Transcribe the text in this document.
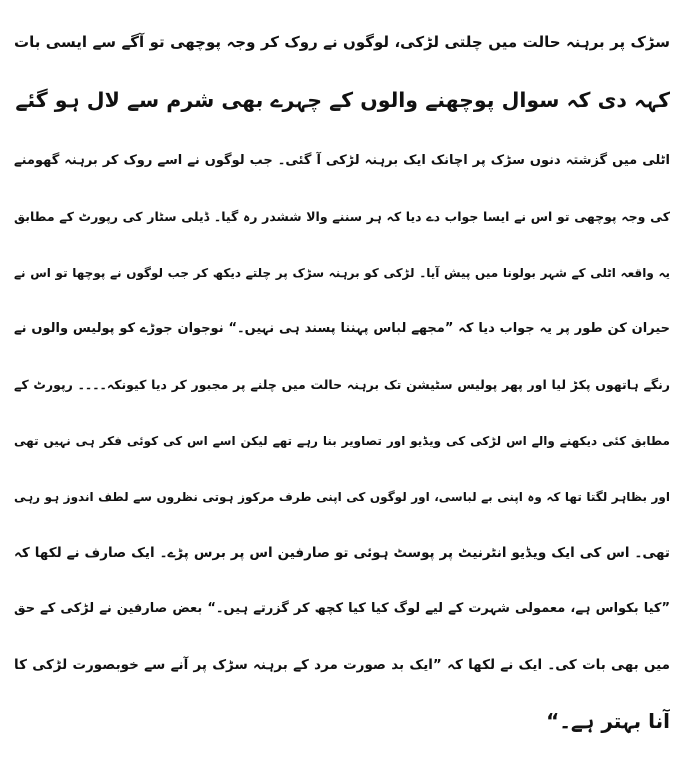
سڑک پر برہنہ حالت میں چلتی لڑکی، لوگوں نے روک کر وجہ پوچھی تو آگے سے ایسی بات
کہہ دی کہ سوال پوچھنے والوں کے چہرے بھی شرم سے لال ہو گئے
اٹلی میں گزشتہ دنوں سڑک پر اچانک ایک برہنہ لڑکی آ گئی۔ جب لوگوں نے اسے روک کر برہنہ گھومنے
کی وجہ پوچھی تو اس نے ایسا جواب دے دیا کہ ہر سننے والا ششدر رہ گیا۔ ڈیلی سٹار کی رپورٹ کے مطابق
یہ واقعہ اٹلی کے شہر بولونا میں پیش آیا۔ لڑکی کو برہنہ سڑک پر چلتے دیکھ کر جب لوگوں نے پوچھا تو اس نے
حیران کن طور پر یہ جواب دیا کہ ”مجھے لباس پہننا پسند ہی نہیں۔“ نوجوان جوڑے کو پولیس والوں نے
رنگے ہاتھوں پکڑ لیا اور پھر پولیس سٹیشن تک برہنہ حالت میں چلنے پر مجبور کر دیا کیونکہ۔۔۔۔ رپورٹ کے
مطابق کئی دیکھنے والے اس لڑکی کی ویڈیو اور تصاویر بنا رہے تھے لیکن اسے اس کی کوئی فکر ہی نہیں تھی
اور بظاہر لگتا تھا کہ وہ اپنی بے لباسی، اور لوگوں کی اپنی طرف مرکوز ہوتی نظروں سے لطف اندوز ہو رہی
تھی۔ اس کی ایک ویڈیو انٹرنیٹ پر پوسٹ ہوئی تو صارفین اس پر برس پڑے۔ ایک صارف نے لکھا کہ
”کیا بکواس ہے، معمولی شہرت کے لیے لوگ کیا کیا کچھ کر گزرتے ہیں۔“ بعض صارفین نے لڑکی کے حق
میں بھی بات کی۔ ایک نے لکھا کہ ”ایک بد صورت مرد کے برہنہ سڑک پر آنے سے خوبصورت لڑکی کا
آنا بہتر ہے۔“
